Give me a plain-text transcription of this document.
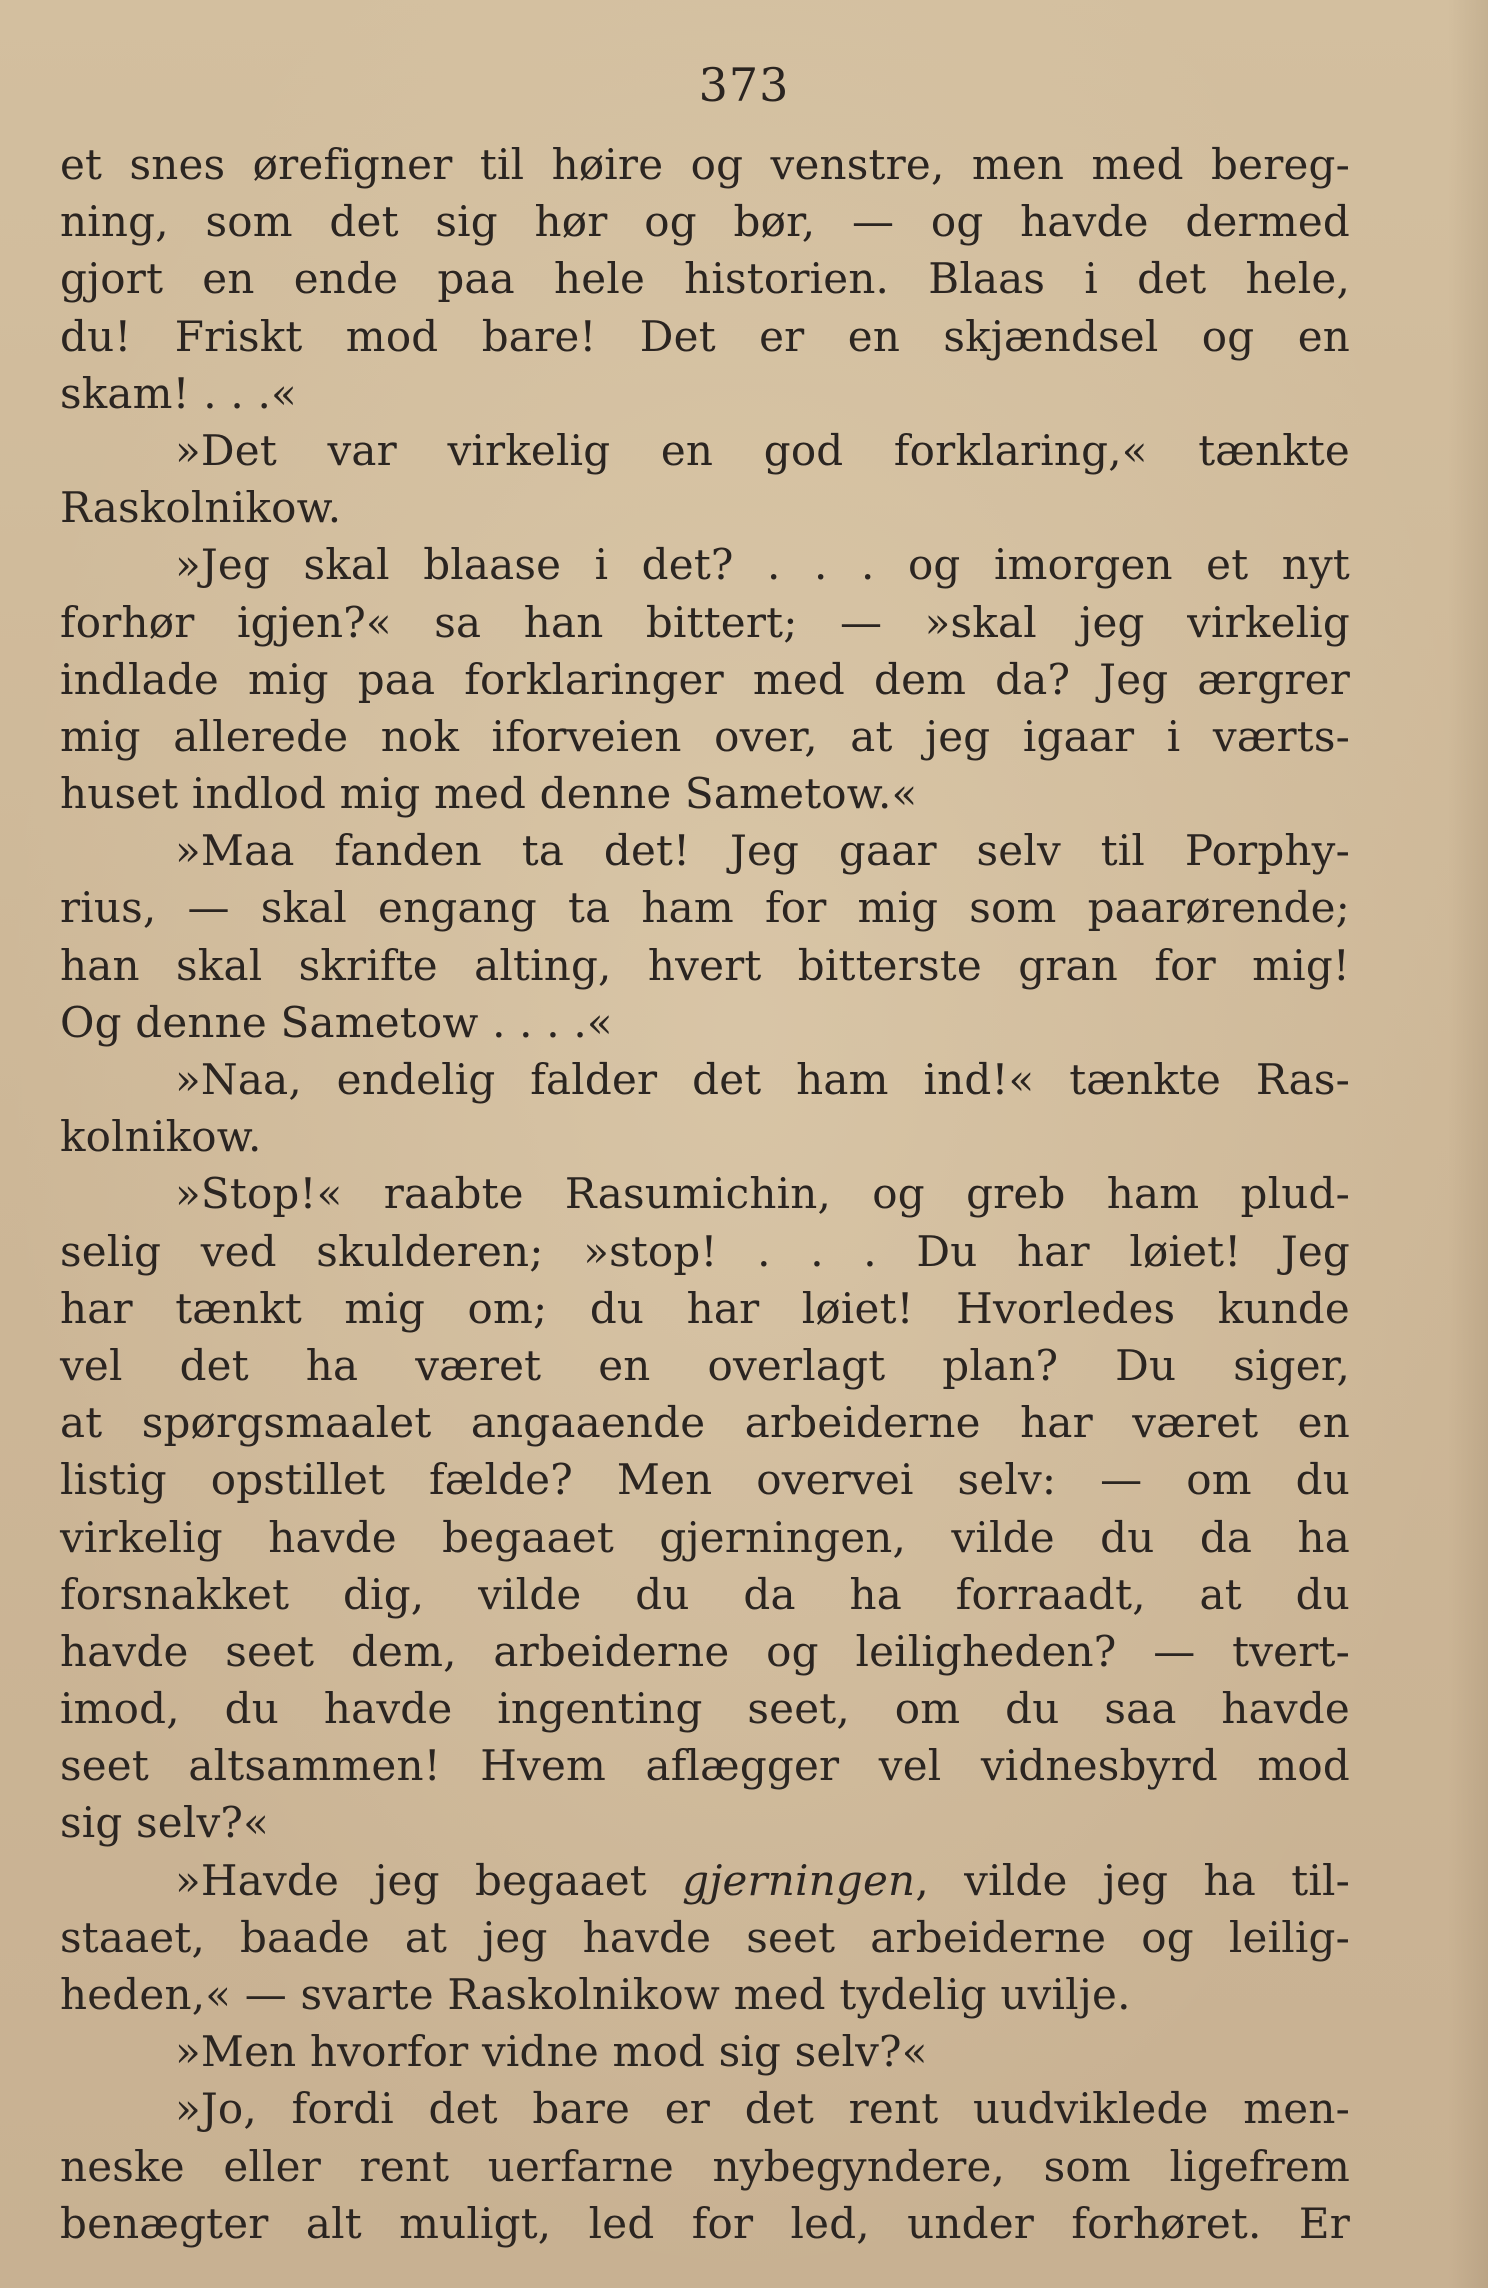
373
et snes ørefigner til høire og venstre, men med bereg-
ning, som det sig hør og bør, — og havde dermed
gjort en ende paa hele historien. Blaas i det hele,
du! Friskt mod bare! Det er en skjændsel og en
skam! . . .«
»Det var virkelig en god forklaring,« tænkte
Raskolnikow.
»Jeg skal blaase i det? . . . og imorgen et nyt
forhør igjen?« sa han bittert; — »skal jeg virkelig
indlade mig paa forklaringer med dem da? Jeg ærgrer
mig allerede nok iforveien over, at jeg igaar i værts-
huset indlod mig med denne Sametow.«
»Maa fanden ta det! Jeg gaar selv til Porphy-
rius, — skal engang ta ham for mig som paarørende;
han skal skrifte alting, hvert bitterste gran for mig!
Og denne Sametow . . . .«
»Naa, endelig falder det ham ind!« tænkte Ras-
kolnikow.
»Stop!« raabte Rasumichin, og greb ham plud-
selig ved skulderen; »stop! . . . Du har løiet! Jeg
har tænkt mig om; du har løiet! Hvorledes kunde
vel det ha været en overlagt plan? Du siger,
at spørgsmaalet angaaende arbeiderne har været en
listig opstillet fælde? Men overvei selv: — om du
virkelig havde begaaet gjerningen, vilde du da ha
forsnakket dig, vilde du da ha forraadt, at du
havde seet dem, arbeiderne og leiligheden? — tvert-
imod, du havde ingenting seet, om du saa havde
seet altsammen! Hvem aflægger vel vidnesbyrd mod
sig selv?«
»Havde jeg begaaet gjerningen, vilde jeg ha til-
staaet, baade at jeg havde seet arbeiderne og leilig-
heden,« — svarte Raskolnikow med tydelig uvilje.
»Men hvorfor vidne mod sig selv?«
»Jo, fordi det bare er det rent uudviklede men-
neske eller rent uerfarne nybegyndere, som ligefrem
benægter alt muligt, led for led, under forhøret. Er
